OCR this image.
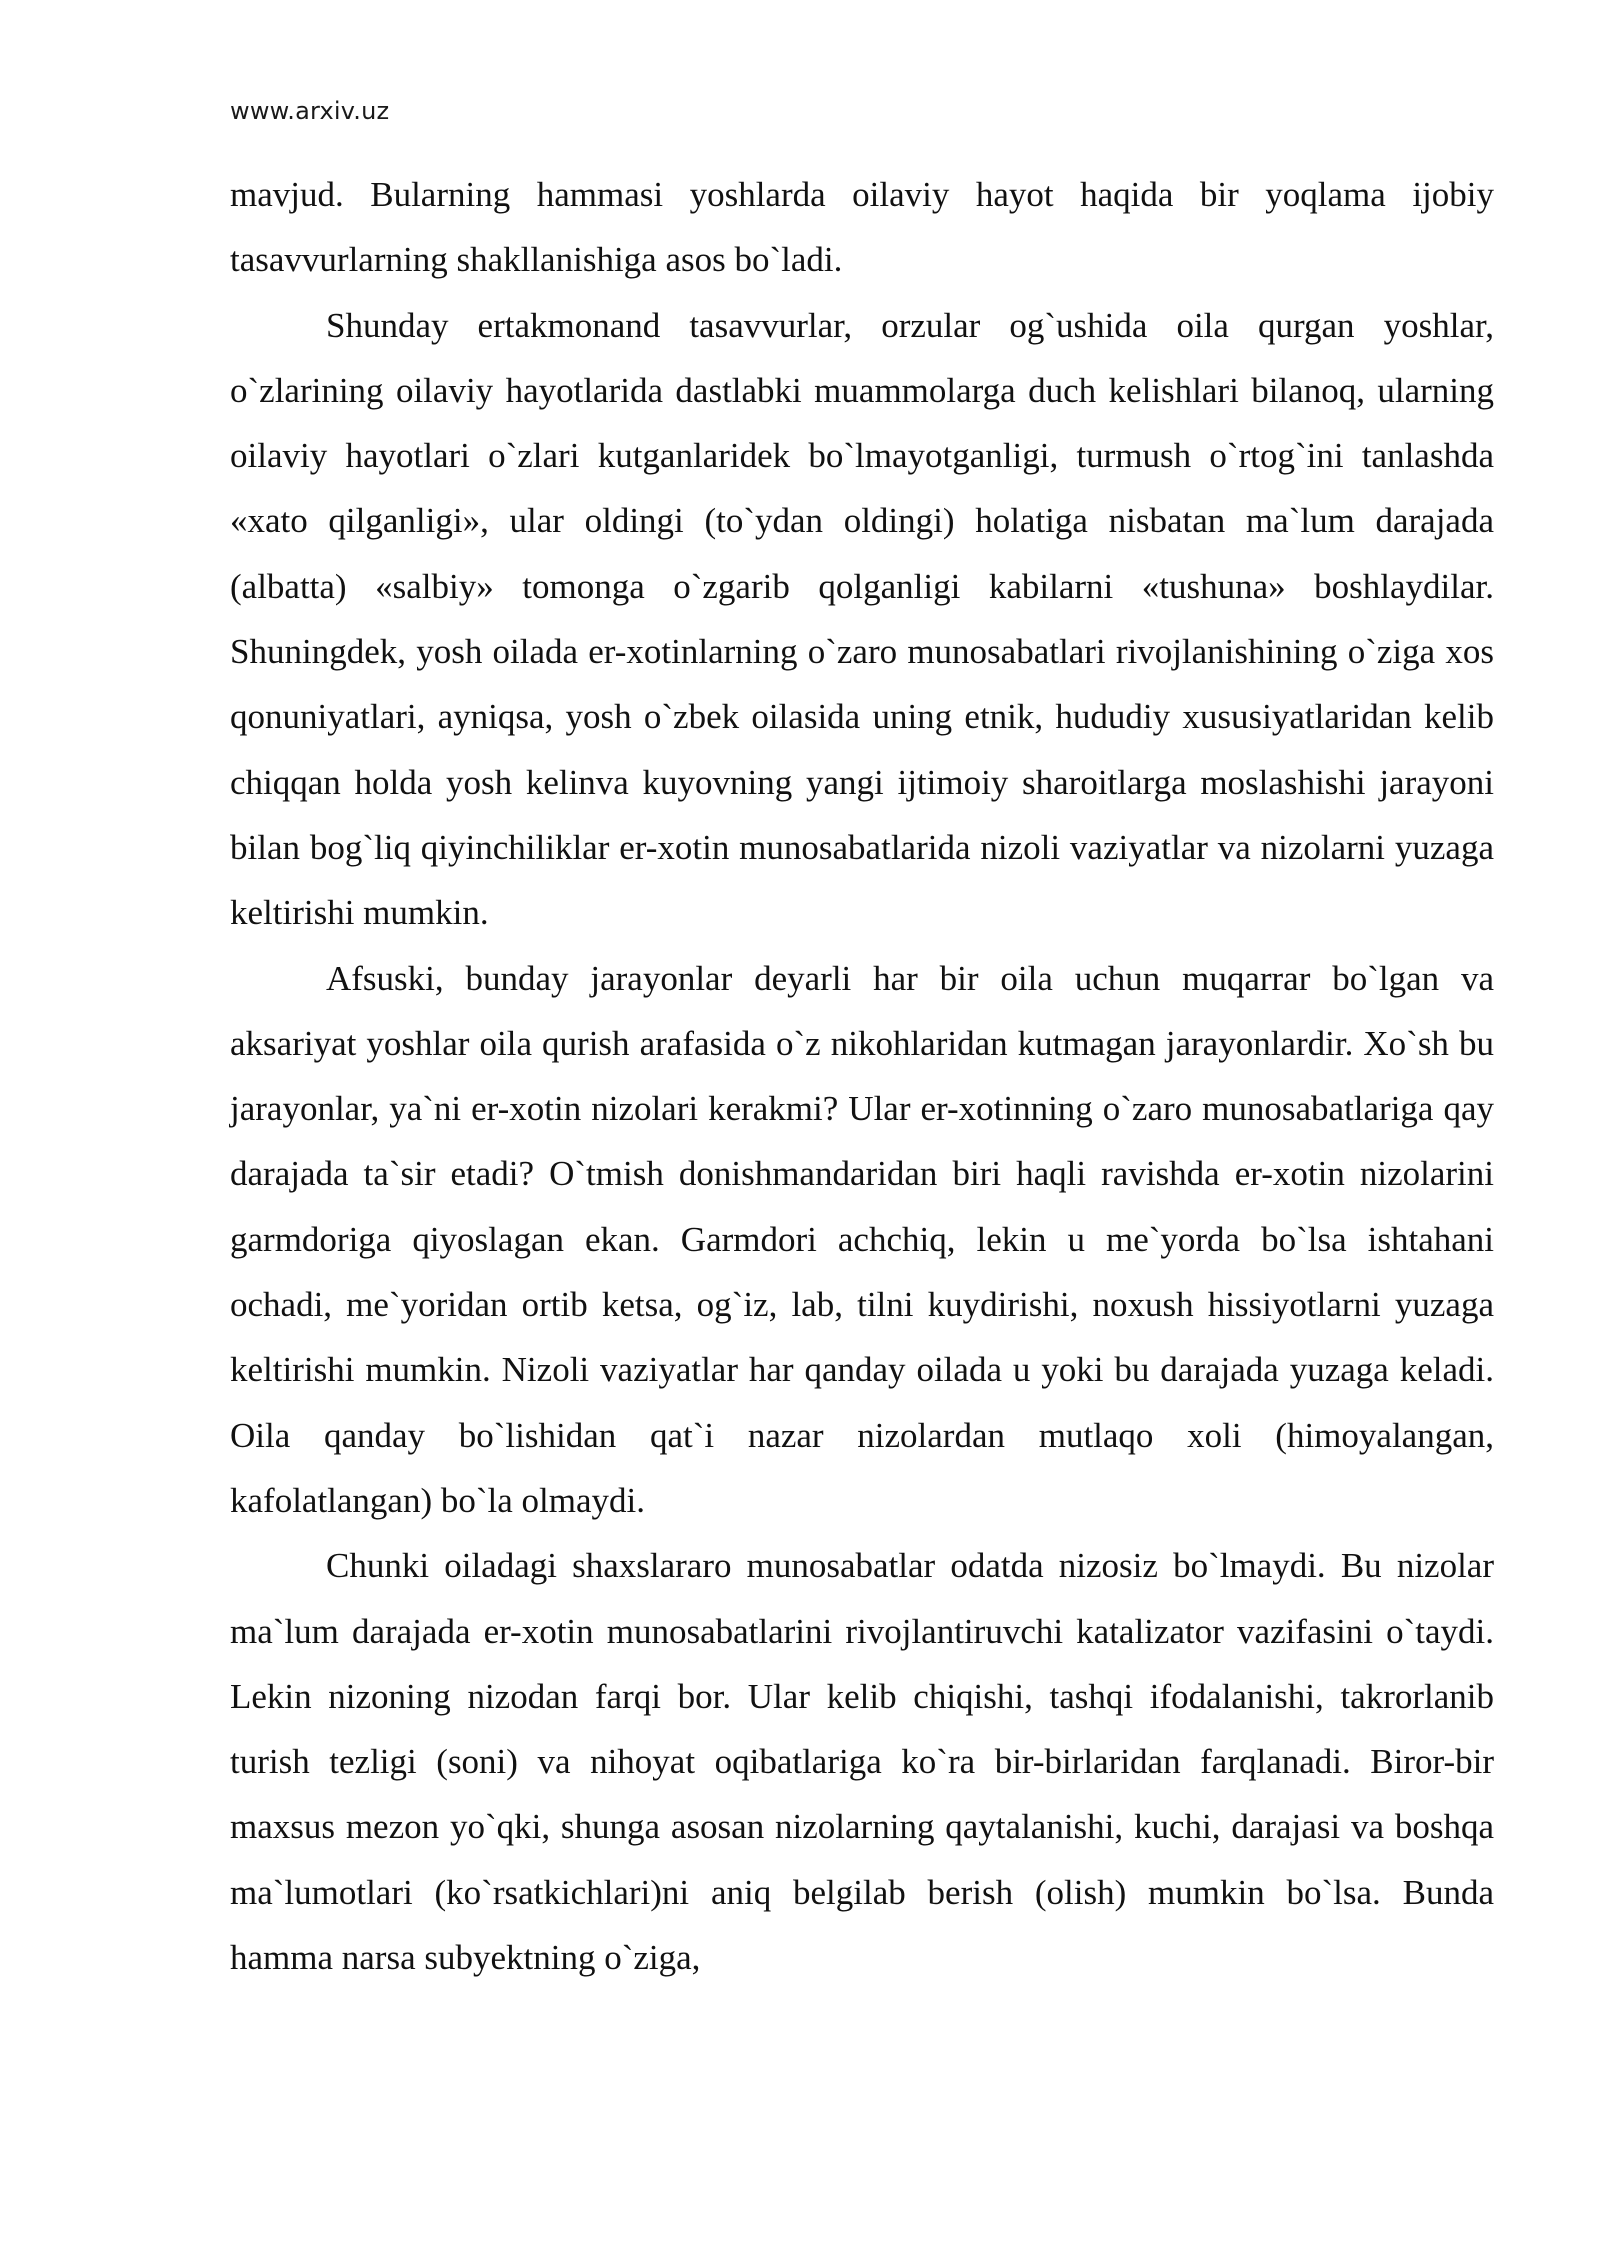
www.arxiv.uz

mavjud. Bularning hammasi yoshlarda oilaviy hayot haqida bir yoqlama ijobiy tasavvurlarning shakllanishiga asos bo`ladi.

Shunday ertakmonand tasavvurlar, orzular og`ushida oila qurgan yoshlar, o`zlarining oilaviy hayotlarida dastlabki muammolarga duch kelishlari bilanoq, ularning oilaviy hayotlari o`zlari kutganlaridek bo`lmayotganligi, turmush o`rtog`ini tanlashda «xato qilganligi», ular oldingi (to`ydan oldingi) holatiga nisbatan ma`lum darajada (albatta) «salbiy» tomonga o`zgarib qolganligi kabilarni «tushuna» boshlaydilar. Shuningdek, yosh oilada er-xotinlarning o`zaro munosabatlari rivojlanishining o`ziga xos qonuniyatlari, ayniqsa, yosh o`zbek oilasida uning etnik, hududiy xususiyatlaridan kelib chiqqan holda yosh kelinva kuyovning yangi ijtimoiy sharoitlarga moslashishi jarayoni bilan bog`liq qiyinchiliklar er-xotin munosabatlarida nizoli vaziyatlar va nizolarni yuzaga keltirishi mumkin.

Afsuski, bunday jarayonlar deyarli har bir oila uchun muqarrar bo`lgan va aksariyat yoshlar oila qurish arafasida o`z nikohlaridan kutmagan jarayonlardir. Xo`sh bu jarayonlar, ya`ni er-xotin nizolari kerakmi? Ular er-xotinning o`zaro munosabatlariga qay darajada ta`sir etadi? O`tmish donishmandaridan biri haqli ravishda er-xotin nizolarini garmdoriga qiyoslagan ekan. Garmdori achchiq, lekin u me`yorda bo`lsa ishtahani ochadi, me`yoridan ortib ketsa, og`iz, lab, tilni kuydirishi, noxush hissiyotlarni yuzaga keltirishi mumkin. Nizoli vaziyatlar har qanday oilada u yoki bu darajada yuzaga keladi. Oila qanday bo`lishidan qat`i nazar nizolardan mutlaqo xoli (himoyalangan, kafolatlangan) bo`la olmaydi.

Chunki oiladagi shaxslararo munosabatlar odatda nizosiz bo`lmaydi. Bu nizolar ma`lum darajada er-xotin munosabatlarini rivojlantiruvchi katalizator vazifasini o`taydi. Lekin nizoning nizodan farqi bor. Ular kelib chiqishi, tashqi ifodalanishi, takrorlanib turish tezligi (soni) va nihoyat oqibatlariga ko`ra bir-birlaridan farqlanadi. Biror-bir maxsus mezon yo`qki, shunga asosan nizolarning qaytalanishi, kuchi, darajasi va boshqa ma`lumotlari (ko`rsatkichlari)ni aniq belgilab berish (olish) mumkin bo`lsa. Bunda hamma narsa subyektning o`ziga,
